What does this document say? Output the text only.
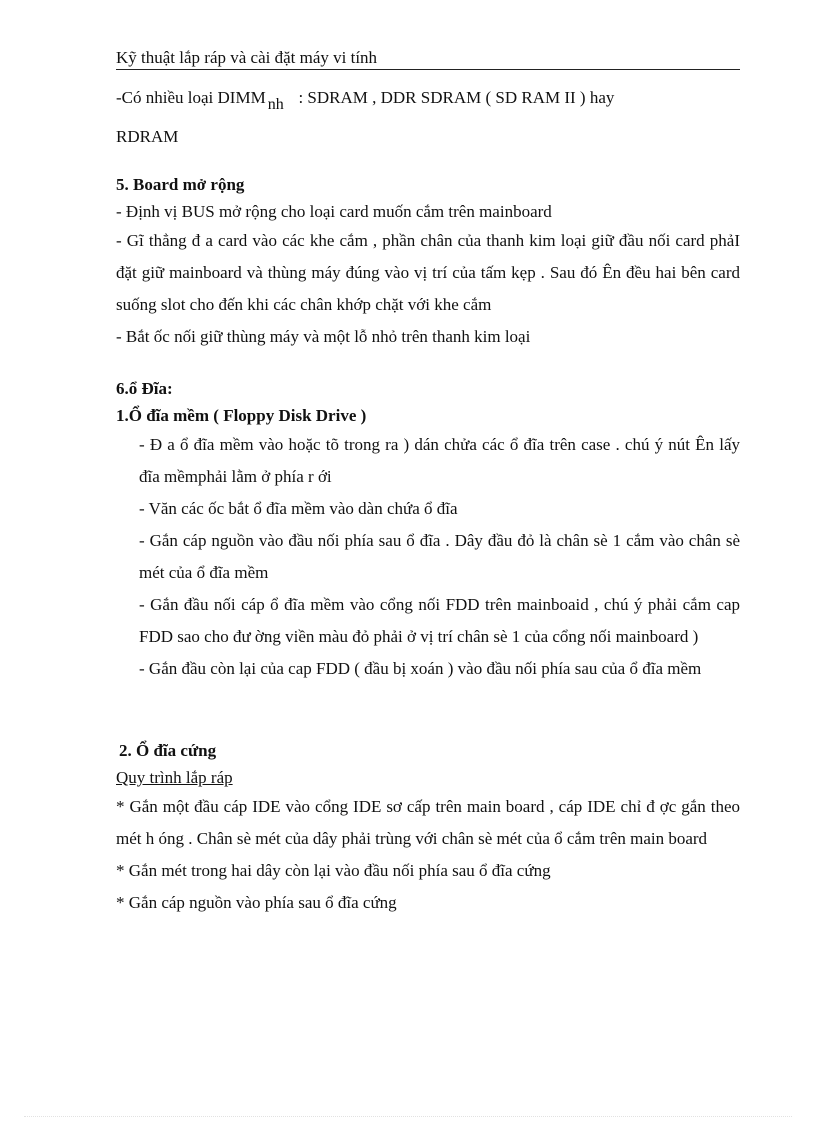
Kỹ thuật lắp ráp và cài đặt máy vi tính

-Có nhiều loại DIMM nh : SDRAM , DDR SDRAM ( SD RAM II ) hay

RDRAM

5. Board mở rộng

- Định vị BUS mở rộng cho loại card muốn cắm trên mainboard

- Gĩ thẳng đ a card vào các khe cắm , phần chân của thanh kim loại giữ đầu nối card phảI đặt giữ mainboard và thùng máy đúng vào vị trí của tấm kẹp . Sau đó Ên đều hai bên card suống slot cho đến khi các chân khớp chặt với khe cắm

- Bắt ốc nối giữ thùng máy và một lỗ nhỏ trên thanh kim loại

6.ổ Đĩa:

1.Ổ đĩa mềm ( Floppy Disk Drive )

- Đ a ổ đĩa mềm vào hoặc tõ trong ra ) dán chửa các ổ đĩa trên case . chú ý nút Ên lấy đĩa mềmphải lằm ở phía r ới

- Văn các ốc bắt ổ đĩa mềm vào dàn chứa ổ đĩa

- Gắn cáp nguồn vào đầu nối phía sau ổ đĩa . Dây đầu đỏ là chân sè 1 cắm vào chân sè mét của ổ đĩa mềm

- Gắn đầu nối cáp ổ đĩa mềm vào cổng nối FDD trên mainboaid , chú ý phải cắm cap FDD sao cho đư ờng viền màu đỏ phải ở vị trí chân sè 1 của cổng nối mainboard )

- Gắn đầu còn lại của cap FDD ( đầu bị xoán ) vào đầu nối phía sau của ổ đĩa mềm

2. Ổ đĩa cứng

Quy trình lắp ráp

* Gắn một đầu cáp IDE vào cổng IDE sơ cấp trên main board , cáp IDE chỉ đ ợc gắn theo mét h óng . Chân sè mét của dây phải trùng với chân sè mét của ổ cắm trên main board

* Gắn mét trong hai dây còn lại vào đầu nối phía sau ổ đĩa cứng

* Gắn cáp nguồn vào phía sau ổ đĩa cứng
